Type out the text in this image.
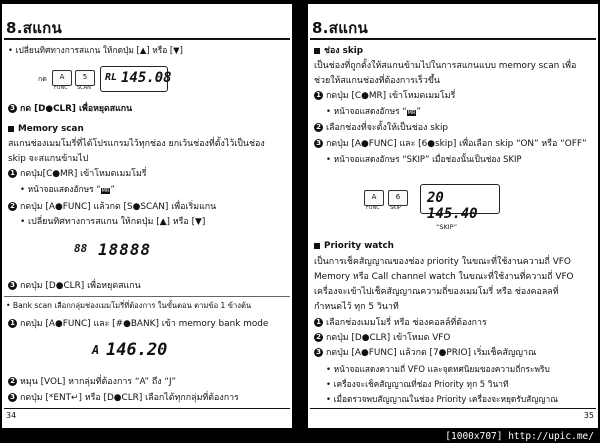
8.สแกน
• เปลี่ยนทิศทางการสแกน ให้กดปุ่ม [▲] หรือ [▼]
กด	A
FUNC
5
SCAN
RL 145.08
3 กด [D●CLR] เพื่อหยุดสแกน
Memory scan
สแกนช่องเมมโมรี่ที่ได้โปรแกรมไว้ทุกช่อง ยกเว้นช่องที่ตั้งไว้เป็นช่อง
skip จะสแกนข้ามไป
1 กดปุ่ม[C●MR] เข้าโหมดเมมโมรี่
• หน้าจอแสดงอักษร “MR”
2 กดปุ่ม [A●FUNC] แล้วกด [S●SCAN] เพื่อเริ่มแกน
• เปลี่ยนทิศทางการสแกน ให้กดปุ่ม [▲] หรือ [▼]
88 18888
3 กดปุ่ม [D●CLR] เพื่อหยุดสแกน
• Bank scan เลือกกลุ่มช่องเมมโมรี่ที่ต้องการ ในขั้นตอน ตามข้อ 1 ข้างต้น
1 กดปุ่ม [A●FUNC] และ [#●BANK] เข้า memory bank mode
A 146.20
2 หมุน [VOL] หากลุ่มที่ต้องการ “A” ถึง “J”
3 กดปุ่ม [*ENT↵] หรือ [D●CLR] เลือกได้ทุกกลุ่มที่ต้องการ
34
8.สแกน
ช่อง skip
เป็นช่องที่ถูกตั้งให้สแกนข้ามไปในการสแกนแบบ memory scan เพื่อ
ช่วยให้สแกนช่องที่ต้องการเร็วขึ้น
1 กดปุ่ม [C●MR] เข้าโหมดเมมโมรี่
• หน้าจอแสดงอักษร “MR”
2 เลือกช่องที่จะตั้งให้เป็นช่อง skip
3 กดปุ่ม [A●FUNC] และ [6●skip] เพื่อเลือก skip “ON” หรือ “OFF”
• หน้าจอแสดงอักษร “SKIP” เมื่อช่องนั้นเป็นช่อง SKIP
A
FUNC
6
SKIP
20 145.40
“SKIP”
Priority watch
เป็นการเช็คสัญญาณของช่อง priority ในขณะที่ใช้งานความถี่ VFO
Memory หรือ Call channel watch ในขณะที่ใช้งานที่ความถี่ VFO
เครื่องจะเข้าไปเช็คสัญญาณความถี่ของเมมโมรี่ หรือ ช่องคอลลที่
กำหนดไว้ ทุก 5 วินาที
1 เลือกช่องเมมโมรี่ หรือ ช่องคอลล์ที่ต้องการ
2 กดปุ่ม [D●CLR] เข้าโหมด VFO
3 กดปุ่ม [A●FUNC] แล้วกด [7●PRIO] เริ่มเช็คสัญญาณ
• หน้าจอแสดงความถี่ VFO และจุดทศนิยมของความถี่กระพริบ
• เครื่องจะเช็คสัญญาณที่ช่อง Priority ทุก 5 วินาที
• เมื่อตรวจพบสัญญาณในช่อง Priority เครื่องจะหยุดรับสัญญาณ
35
[1000x707] http://upic.me/
